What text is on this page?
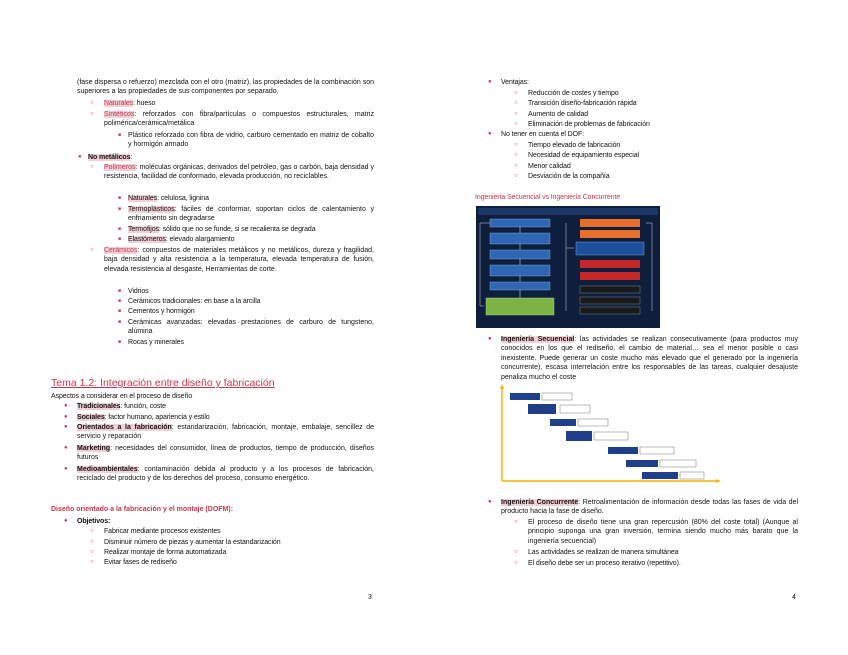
(fase dispersa o refuerzo) mezclada con el otro (matriz), las propiedades de la combinación son superiores a las propiedades de sus componentes por separado.
○ Naturales: hueso
○ Sintéticos: reforzados con fibra/partículas o compuestos estructurales, matriz polimérica/cerámica/metálica
■ Plástico reforzado con fibra de vidrio, carburo cementado en matriz de cobalto y hormigón armado
● No metálicos:
○ Polímeros: moléculas orgánicas, derivados del petróleo, gas o carbón, baja densidad y resistencia, facilidad de conformado, elevada producción, no reciclables.
■ Naturales: celulosa, lignina
■ Termoplásticos: fáciles de conformar, soportan ciclos de calentamiento y enfriamiento sin degradarse
■ Termofijos: sólido que no se funde, si se recalienta se degrada
■ Elastómeros: elevado alargamiento
○ Cerámicos: compuestos de materiales metálicos y no metálicos, dureza y fragilidad, baja densidad y alta resistencia a la temperatura, elevada temperatura de fusión, elevada resistencia al desgaste, Herramientas de corte.
■ Vidrios
■ Cerámicos tradicionales: en base a la arcilla
■ Cementos y hormigón
■ Cerámicas avanzadas: elevadas prestaciones de carburo de tungsteno, alúmina
■ Rocas y minerales
Tema 1.2: Integración entre diseño y fabricación
Aspectos a considerar en el proceso de diseño
● Tradicionales: función, coste
● Sociales: factor humano, apariencia y estilo
● Orientados a la fabricación: estandarización, fabricación, montaje, embalaje, sencillez de servicio y reparación
● Marketing: necesidades del consumidor, línea de productos, tiempo de producción, diseños futuros
● Medioambientales: contaminación debida al producto y a los procesos de fabricación, reciclado del producto y de los derechos del proceso, consumo energético.
Diseño orientado a la fabricación y el montaje (DOFM):
● Objetivos:
○ Fabricar mediante procesos existentes
○ Disminuir número de piezas y aumentar la estandarización
○ Realizar montaje de forma automatizada
○ Evitar fases de rediseño
3
● Ventajas:
○ Reducción de costes y tiempo
○ Transición diseño-fabricación rápida
○ Aumento de calidad
○ Eliminación de problemas de fabricación
● No tener en cuenta el DOF:
○ Tiempo elevado de fabricación
○ Necesidad de equipamiento especial
○ Menor calidad
○ Desviación de la compañía
Ingeniería Secuencial vs Ingeniería Concurrente
● Ingeniería Secuencial: las actividades se realizan consecutivamente (para productos muy conocidos en los que el rediseño, el cambio de material… sea el menor posible o casi inexistente. Puede generar un coste mucho más elevado que el generado por la ingeniería concurrente), escasa interrelación entre los responsables de las tareas, cualquier desajuste penaliza mucho el coste
● Ingeniería Concurrente: Retroalimentación de información desde todas las fases de vida del producto hacia la fase de diseño.
○ El proceso de diseño tiene una gran repercusión (80% del coste total) (Aunque al principio suponga una gran inversión, termina siendo mucho más barato que la ingeniería secuencial)
○ Las actividades se realizan de manera simultánea
○ El diseño debe ser un proceso iterativo (repetitivo).
4
